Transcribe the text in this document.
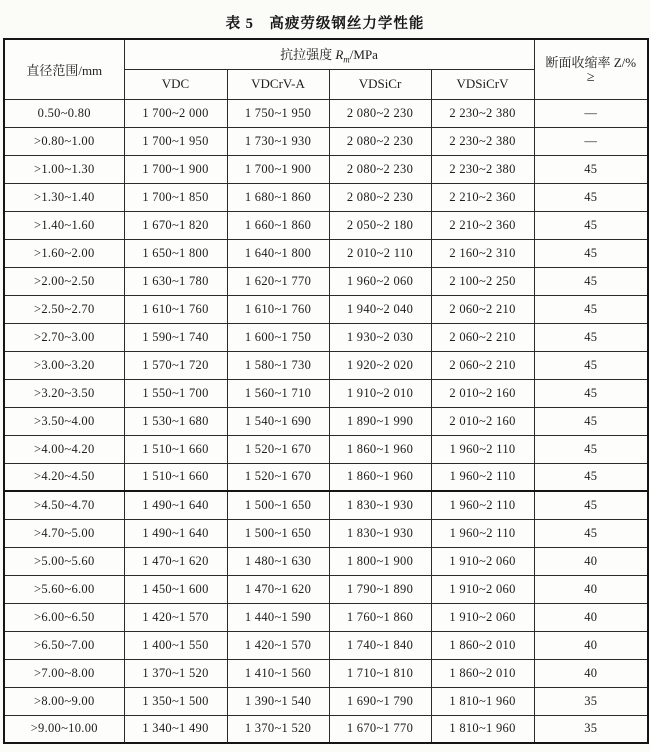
表 5　高疲劳级钢丝力学性能
直径范围/mm	抗拉强度 $R_m$/MPa				断面收缩率 Z/%
≥

	VDC	VDCrV-A	VDSiCr	VDSiCrV	
0.50~0.80	1 700~2 000	1 750~1 950	2 080~2 230	2 230~2 380	—
>0.80~1.00	1 700~1 950	1 730~1 930	2 080~2 230	2 230~2 380	—
>1.00~1.30	1 700~1 900	1 700~1 900	2 080~2 230	2 230~2 380	45
>1.30~1.40	1 700~1 850	1 680~1 860	2 080~2 230	2 210~2 360	45
>1.40~1.60	1 670~1 820	1 660~1 860	2 050~2 180	2 210~2 360	45
>1.60~2.00	1 650~1 800	1 640~1 800	2 010~2 110	2 160~2 310	45
>2.00~2.50	1 630~1 780	1 620~1 770	1 960~2 060	2 100~2 250	45
>2.50~2.70	1 610~1 760	1 610~1 760	1 940~2 040	2 060~2 210	45
>2.70~3.00	1 590~1 740	1 600~1 750	1 930~2 030	2 060~2 210	45
>3.00~3.20	1 570~1 720	1 580~1 730	1 920~2 020	2 060~2 210	45
>3.20~3.50	1 550~1 700	1 560~1 710	1 910~2 010	2 010~2 160	45
>3.50~4.00	1 530~1 680	1 540~1 690	1 890~1 990	2 010~2 160	45
>4.00~4.20	1 510~1 660	1 520~1 670	1 860~1 960	1 960~2 110	45
>4.20~4.50	1 510~1 660	1 520~1 670	1 860~1 960	1 960~2 110	45
>4.50~4.70	1 490~1 640	1 500~1 650	1 830~1 930	1 960~2 110	45
>4.70~5.00	1 490~1 640	1 500~1 650	1 830~1 930	1 960~2 110	45
>5.00~5.60	1 470~1 620	1 480~1 630	1 800~1 900	1 910~2 060	40
>5.60~6.00	1 450~1 600	1 470~1 620	1 790~1 890	1 910~2 060	40
>6.00~6.50	1 420~1 570	1 440~1 590	1 760~1 860	1 910~2 060	40
>6.50~7.00	1 400~1 550	1 420~1 570	1 740~1 840	1 860~2 010	40
>7.00~8.00	1 370~1 520	1 410~1 560	1 710~1 810	1 860~2 010	40
>8.00~9.00	1 350~1 500	1 390~1 540	1 690~1 790	1 810~1 960	35
>9.00~10.00	1 340~1 490	1 370~1 520	1 670~1 770	1 810~1 960	35
